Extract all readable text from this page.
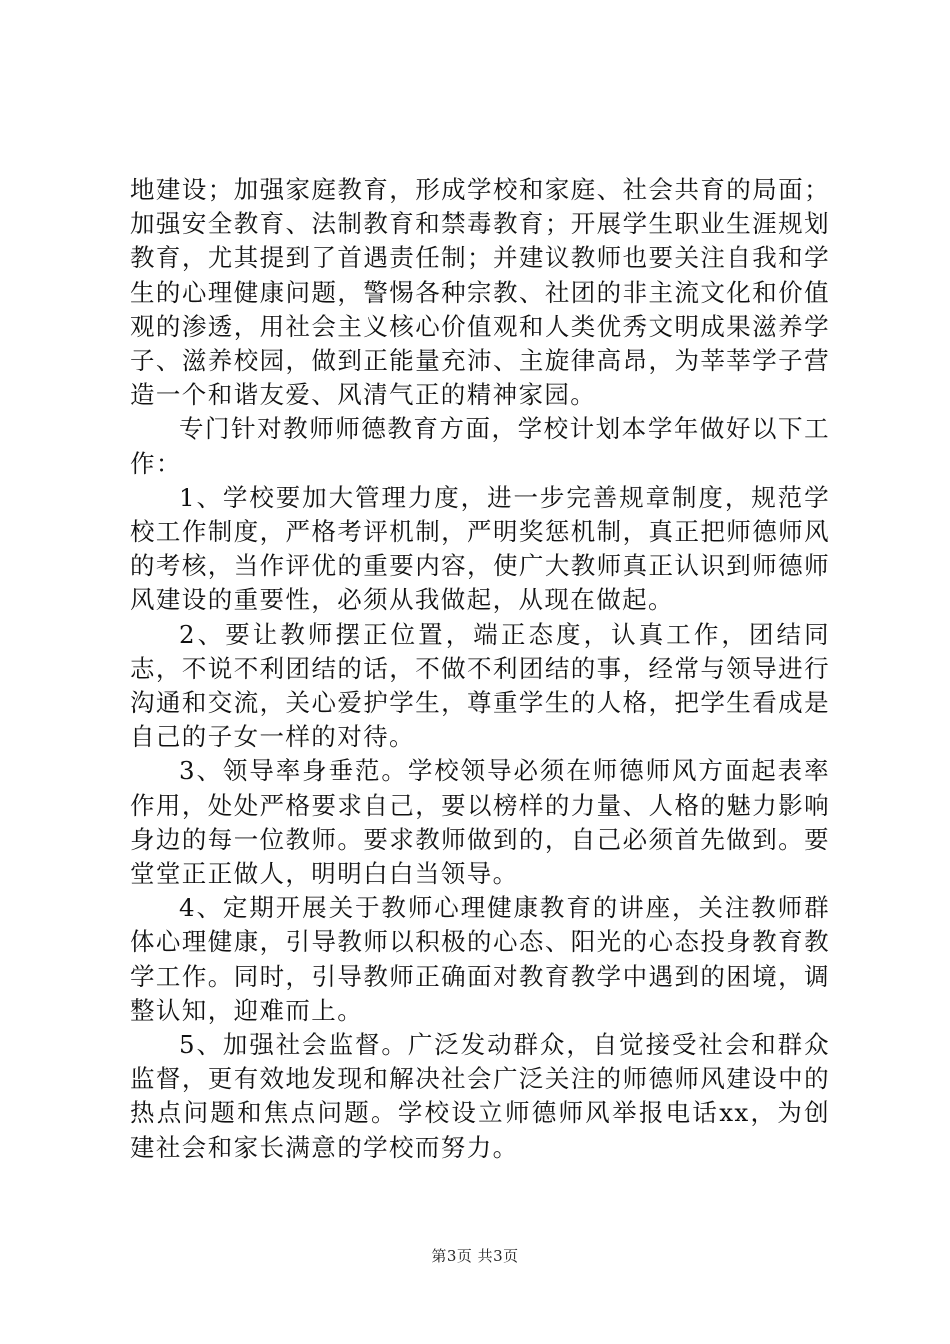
地建设；加强家庭教育，形成学校和家庭、社会共育的局面；加强安全教育、法制教育和禁毒教育；开展学生职业生涯规划教育，尤其提到了首遇责任制；并建议教师也要关注自我和学生的心理健康问题，警惕各种宗教、社团的非主流文化和价值观的渗透，用社会主义核心价值观和人类优秀文明成果滋养学子、滋养校园，做到正能量充沛、主旋律高昂，为莘莘学子营造一个和谐友爱、风清气正的精神家园。

专门针对教师师德教育方面，学校计划本学年做好以下工作：

1、学校要加大管理力度，进一步完善规章制度，规范学校工作制度，严格考评机制，严明奖惩机制，真正把师德师风的考核，当作评优的重要内容，使广大教师真正认识到师德师风建设的重要性，必须从我做起，从现在做起。

2、要让教师摆正位置，端正态度，认真工作，团结同志，不说不利团结的话，不做不利团结的事，经常与领导进行沟通和交流，关心爱护学生，尊重学生的人格，把学生看成是自己的子女一样的对待。

3、领导率身垂范。学校领导必须在师德师风方面起表率作用，处处严格要求自己，要以榜样的力量、人格的魅力影响身边的每一位教师。要求教师做到的，自己必须首先做到。要堂堂正正做人，明明白白当领导。

4、定期开展关于教师心理健康教育的讲座，关注教师群体心理健康，引导教师以积极的心态、阳光的心态投身教育教学工作。同时，引导教师正确面对教育教学中遇到的困境，调整认知，迎难而上。

5、加强社会监督。广泛发动群众，自觉接受社会和群众监督，更有效地发现和解决社会广泛关注的师德师风建设中的热点问题和焦点问题。学校设立师德师风举报电话xx，为创建社会和家长满意的学校而努力。

第3页 共3页
